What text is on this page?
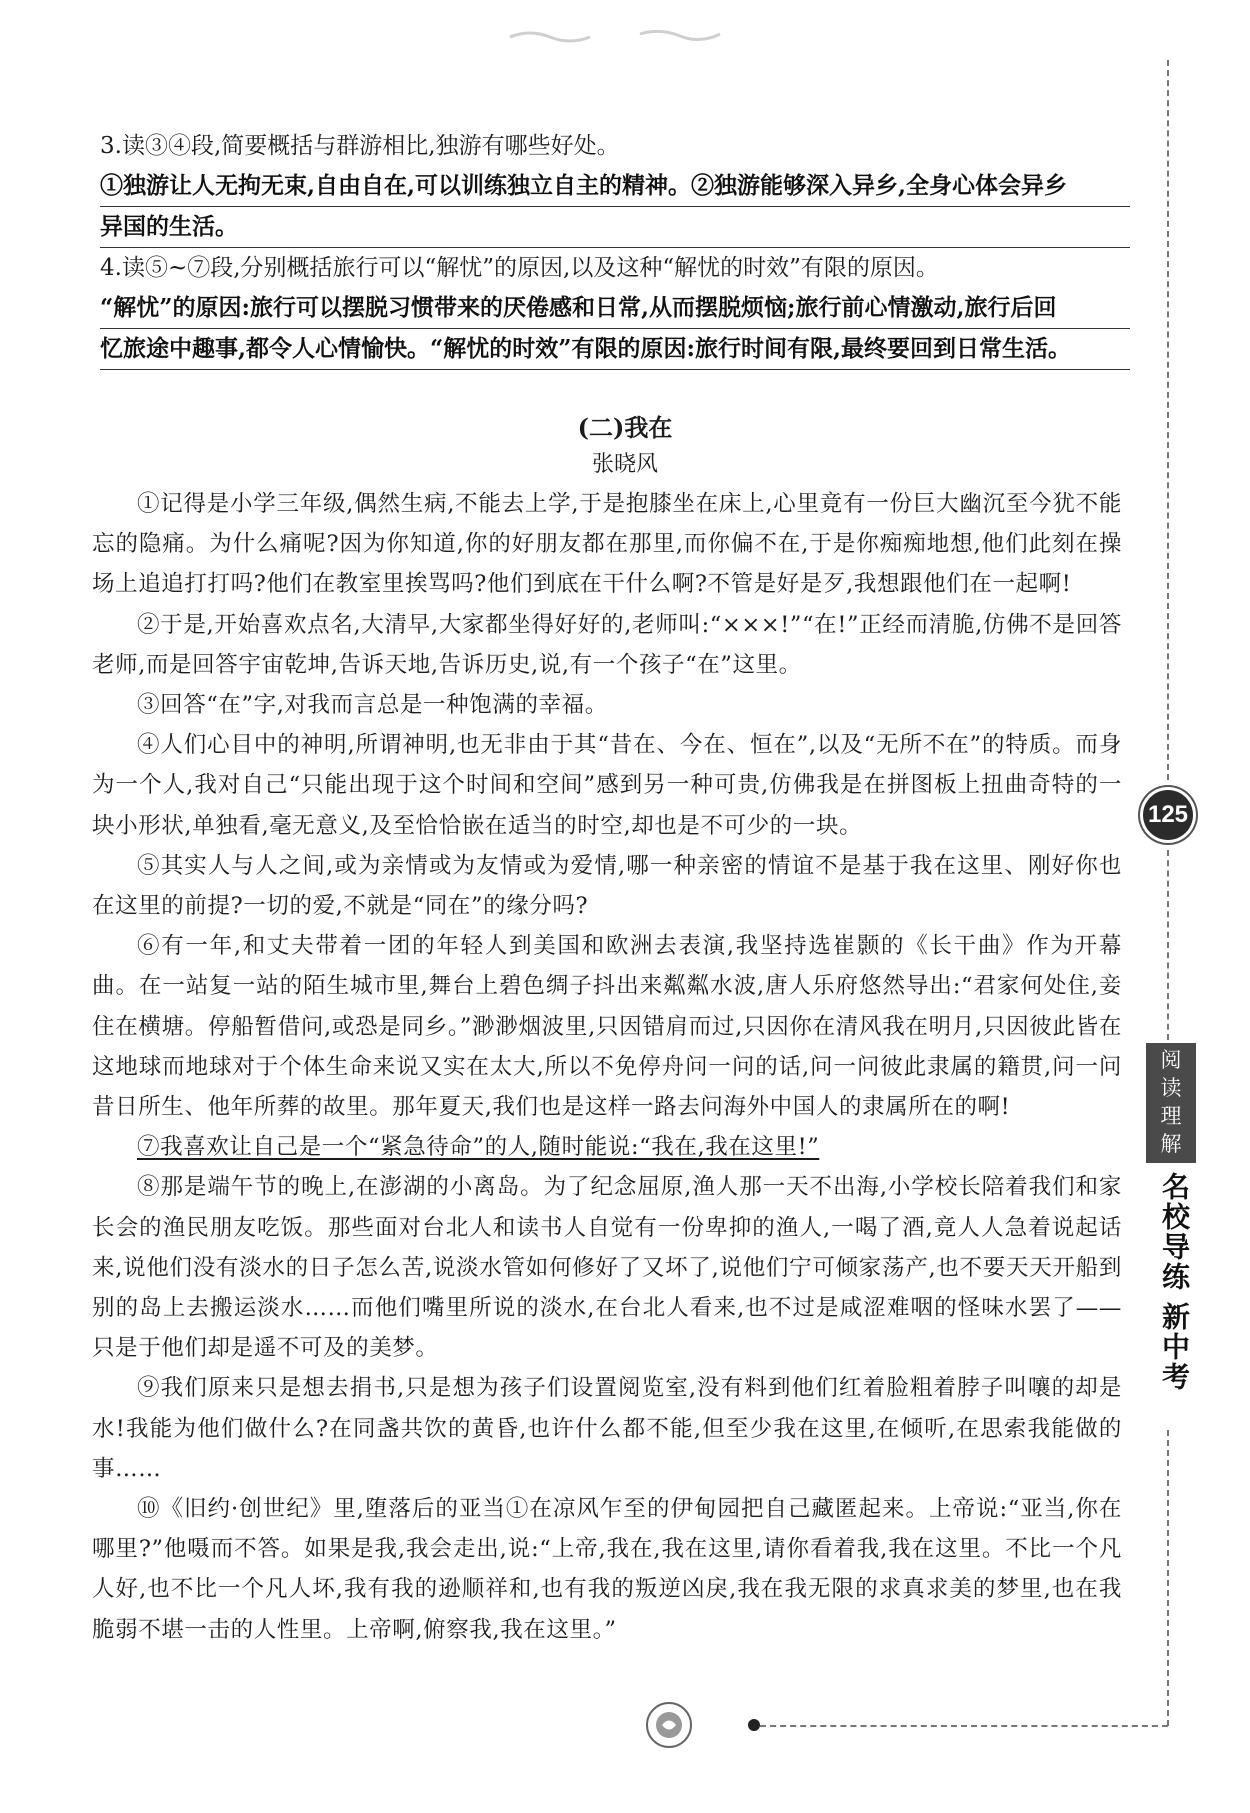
3.读③④段,简要概括与群游相比,独游有哪些好处。

①独游让人无拘无束,自由自在,可以训练独立自主的精神。②独游能够深入异乡,全身心体会异乡
异国的生活。

4.读⑤~⑦段,分别概括旅行可以“解忧”的原因,以及这种“解忧的时效”有限的原因。

“解忧”的原因:旅行可以摆脱习惯带来的厌倦感和日常,从而摆脱烦恼;旅行前心情激动,旅行后回
忆旅途中趣事,都令人心情愉快。“解忧的时效”有限的原因:旅行时间有限,最终要回到日常生活。

(二)我在

张晓风

①记得是小学三年级,偶然生病,不能去上学,于是抱膝坐在床上,心里竟有一份巨大幽沉至今犹不能忘的隐痛。为什么痛呢?因为你知道,你的好朋友都在那里,而你偏不在,于是你痴痴地想,他们此刻在操场上追追打打吗?他们在教室里挨骂吗?他们到底在干什么啊?不管是好是歹,我想跟他们在一起啊!

②于是,开始喜欢点名,大清早,大家都坐得好好的,老师叫:“×××!”“在!”正经而清脆,仿佛不是回答老师,而是回答宇宙乾坤,告诉天地,告诉历史,说,有一个孩子“在”这里。

③回答“在”字,对我而言总是一种饱满的幸福。

④人们心目中的神明,所谓神明,也无非由于其“昔在、今在、恒在”,以及“无所不在”的特质。而身为一个人,我对自己“只能出现于这个时间和空间”感到另一种可贵,仿佛我是在拼图板上扭曲奇特的一块小形状,单独看,毫无意义,及至恰恰嵌在适当的时空,却也是不可少的一块。

⑤其实人与人之间,或为亲情或为友情或为爱情,哪一种亲密的情谊不是基于我在这里、刚好你也在这里的前提?一切的爱,不就是“同在”的缘分吗?

⑥有一年,和丈夫带着一团的年轻人到美国和欧洲去表演,我坚持选崔颢的《长干曲》作为开幕曲。在一站复一站的陌生城市里,舞台上碧色绸子抖出来粼粼水波,唐人乐府悠然导出:“君家何处住,妾住在横塘。停船暂借问,或恐是同乡。”渺渺烟波里,只因错肩而过,只因你在清风我在明月,只因彼此皆在这地球而地球对于个体生命来说又实在太大,所以不免停舟问一问的话,问一问彼此隶属的籍贯,问一问昔日所生、他年所葬的故里。那年夏天,我们也是这样一路去问海外中国人的隶属所在的啊!

⑦我喜欢让自己是一个“紧急待命”的人,随时能说:“我在,我在这里!”

⑧那是端午节的晚上,在澎湖的小离岛。为了纪念屈原,渔人那一天不出海,小学校长陪着我们和家长会的渔民朋友吃饭。那些面对台北人和读书人自觉有一份卑抑的渔人,一喝了酒,竟人人急着说起话来,说他们没有淡水的日子怎么苦,说淡水管如何修好了又坏了,说他们宁可倾家荡产,也不要天天开船到别的岛上去搬运淡水……而他们嘴里所说的淡水,在台北人看来,也不过是咸涩难咽的怪味水罢了——只是于他们却是遥不可及的美梦。

⑨我们原来只是想去捐书,只是想为孩子们设置阅览室,没有料到他们红着脸粗着脖子叫嚷的却是水!我能为他们做什么?在同盏共饮的黄昏,也许什么都不能,但至少我在这里,在倾听,在思索我能做的事……

⑩《旧约·创世纪》里,堕落后的亚当①在凉风乍至的伊甸园把自己藏匿起来。上帝说:“亚当,你在哪里?”他嗫而不答。如果是我,我会走出,说:“上帝,我在,我在这里,请你看着我,我在这里。不比一个凡人好,也不比一个凡人坏,我有我的逊顺祥和,也有我的叛逆凶戾,我在我无限的求真求美的梦里,也在我脆弱不堪一击的人性里。上帝啊,俯察我,我在这里。”

125
阅
读
理
解
名校导练 新中考
